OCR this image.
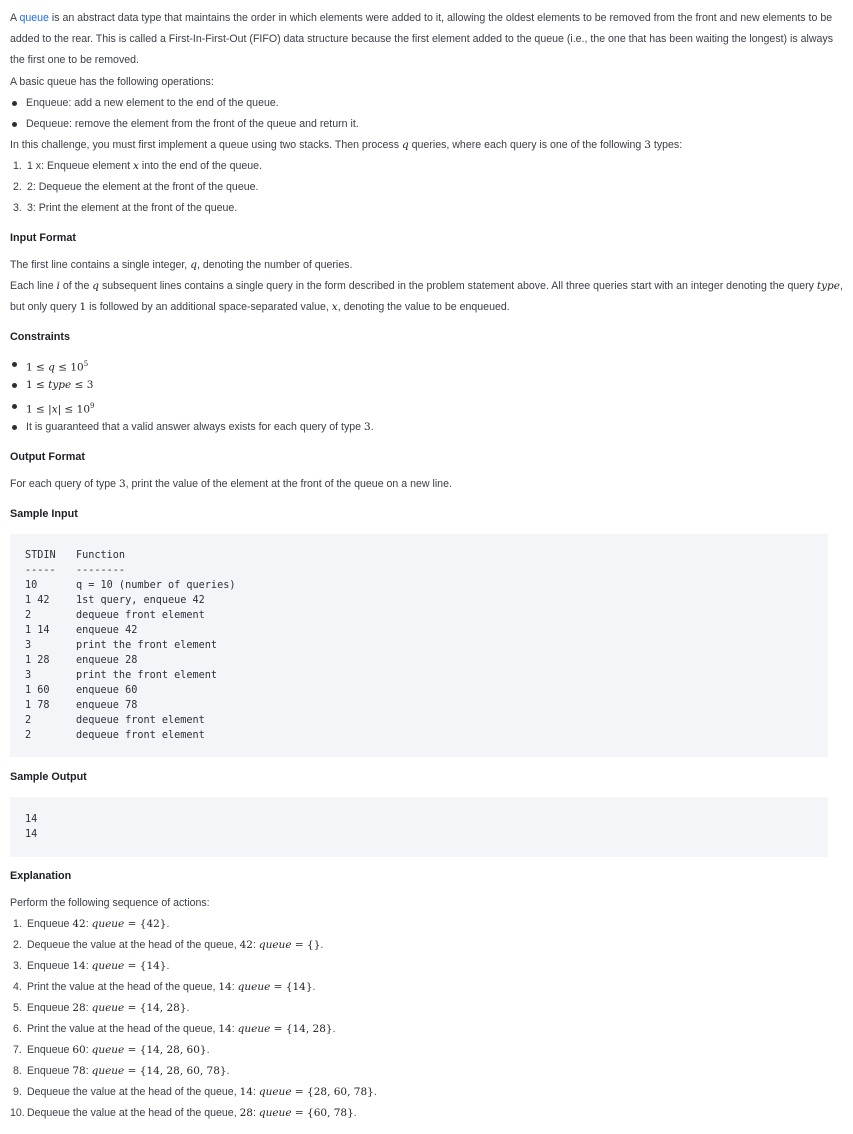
A queue is an abstract data type that maintains the order in which elements were added to it, allowing the oldest elements to be removed from the front and new elements to be added to the rear. This is called a First-In-First-Out (FIFO) data structure because the first element added to the queue (i.e., the one that has been waiting the longest) is always the first one to be removed.

A basic queue has the following operations:
Enqueue: add a new element to the end of the queue.
Dequeue: remove the element from the front of the queue and return it.
In this challenge, you must first implement a queue using two stacks. Then process q queries, where each query is one of the following 3 types:
1. 1 x: Enqueue element x into the end of the queue.
2. 2: Dequeue the element at the front of the queue.
3. 3: Print the element at the front of the queue.
Input Format
The first line contains a single integer, q, denoting the number of queries.
Each line i of the q subsequent lines contains a single query in the form described in the problem statement above. All three queries start with an integer denoting the query type,
but only query 1 is followed by an additional space-separated value, x, denoting the value to be enqueued.
Constraints
$1 \le q \le 10^5$
1 ≤ type ≤ 3
$1 \le |x| \le 10^9$
It is guaranteed that a valid answer always exists for each query of type 3.
Output Format
For each query of type 3, print the value of the element at the front of the queue on a new line.
Sample Input
STDIN	Function
-----	--------
10	q = 10 (number of queries)
1 42	1st query, enqueue 42
2	dequeue front element
1 14	enqueue 42
3	print the front element
1 28	enqueue 28
3	print the front element
1 60	enqueue 60
1 78	enqueue 78
2	dequeue front element
2	dequeue front element
Sample Output
14
14
Explanation
Perform the following sequence of actions:
1. Enqueue 42: queue = {42}.
2. Dequeue the value at the head of the queue, 42: queue = {}.
3. Enqueue 14: queue = {14}.
4. Print the value at the head of the queue, 14: queue = {14}.
5. Enqueue 28: queue = {14, 28}.
6. Print the value at the head of the queue, 14: queue = {14, 28}.
7. Enqueue 60: queue = {14, 28, 60}.
8. Enqueue 78: queue = {14, 28, 60, 78}.
9. Dequeue the value at the head of the queue, 14: queue = {28, 60, 78}.
10. Dequeue the value at the head of the queue, 28: queue = {60, 78}.
